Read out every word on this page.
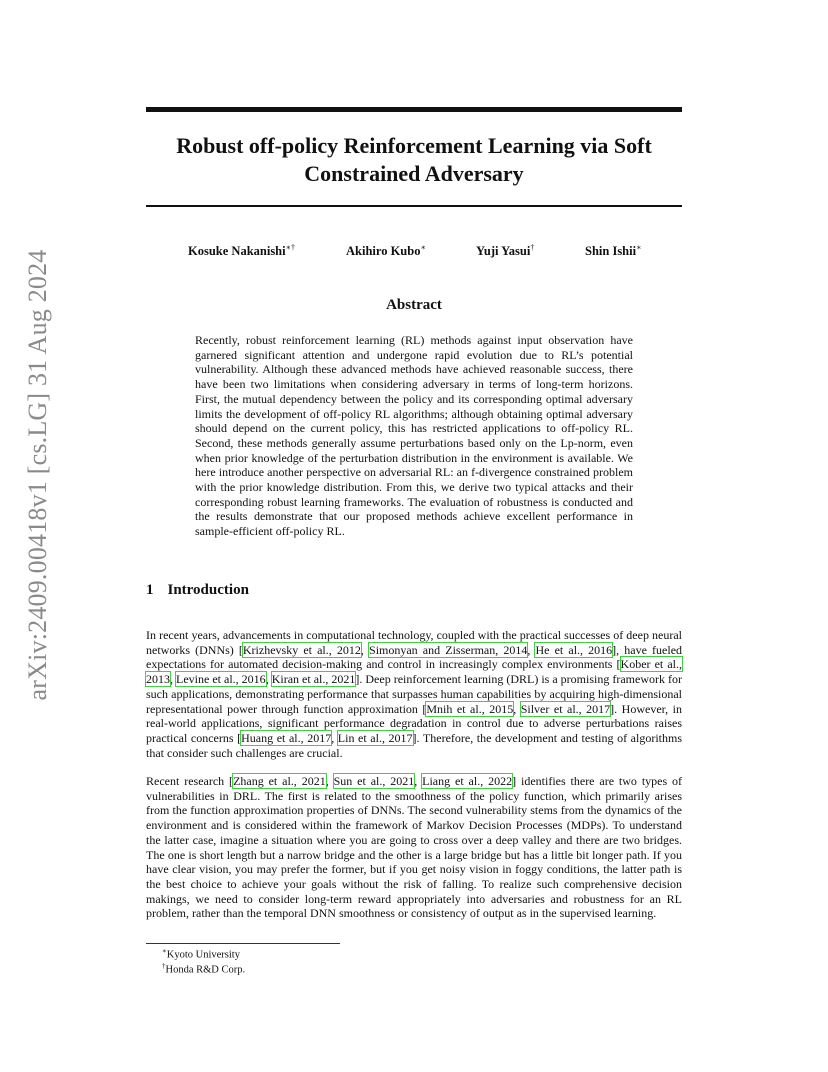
arXiv:2409.00418v1 [cs.LG] 31 Aug 2024
Robust off-policy Reinforcement Learning via Soft Constrained Adversary
Kosuke Nakanishi∗†	Akihiro Kubo∗	Yuji Yasui†	Shin Ishii∗
Abstract
Recently, robust reinforcement learning (RL) methods against input observation have garnered significant attention and undergone rapid evolution due to RL’s potential vulnerability. Although these advanced methods have achieved reasonable success, there have been two limitations when considering adversary in terms of long-term horizons. First, the mutual dependency between the policy and its corresponding optimal adversary limits the development of off-policy RL algorithms; although obtaining optimal adversary should depend on the current policy, this has restricted applications to off-policy RL. Second, these methods generally assume perturbations based only on the Lp-norm, even when prior knowledge of the perturbation distribution in the environment is available. We here introduce another perspective on adversarial RL: an f-divergence constrained problem with the prior knowledge distribution. From this, we derive two typical attacks and their corresponding robust learning frameworks. The evaluation of robustness is conducted and the results demonstrate that our proposed methods achieve excellent performance in sample-efficient off-policy RL.
1 Introduction
In recent years, advancements in computational technology, coupled with the practical successes of deep neural networks (DNNs) [Krizhevsky et al., 2012, Simonyan and Zisserman, 2014, He et al., 2016], have fueled expectations for automated decision-making and control in increasingly complex environments [Kober et al., 2013, Levine et al., 2016, Kiran et al., 2021]. Deep reinforcement learning (DRL) is a promising framework for such applications, demonstrating performance that surpasses human capabilities by acquiring high-dimensional representational power through function approximation [Mnih et al., 2015, Silver et al., 2017]. However, in real-world applications, significant performance degradation in control due to adverse perturbations raises practical concerns [Huang et al., 2017, Lin et al., 2017]. Therefore, the development and testing of algorithms that consider such challenges are crucial.
Recent research [Zhang et al., 2021, Sun et al., 2021, Liang et al., 2022] identifies there are two types of vulnerabilities in DRL. The first is related to the smoothness of the policy function, which primarily arises from the function approximation properties of DNNs. The second vulnerability stems from the dynamics of the environment and is considered within the framework of Markov Decision Processes (MDPs). To understand the latter case, imagine a situation where you are going to cross over a deep valley and there are two bridges. The one is short length but a narrow bridge and the other is a large bridge but has a little bit longer path. If you have clear vision, you may prefer the former, but if you get noisy vision in foggy conditions, the latter path is the best choice to achieve your goals without the risk of falling. To realize such comprehensive decision makings, we need to consider long-term reward appropriately into adversaries and robustness for an RL problem, rather than the temporal DNN smoothness or consistency of output as in the supervised learning.
∗Kyoto University
†Honda R&D Corp.
